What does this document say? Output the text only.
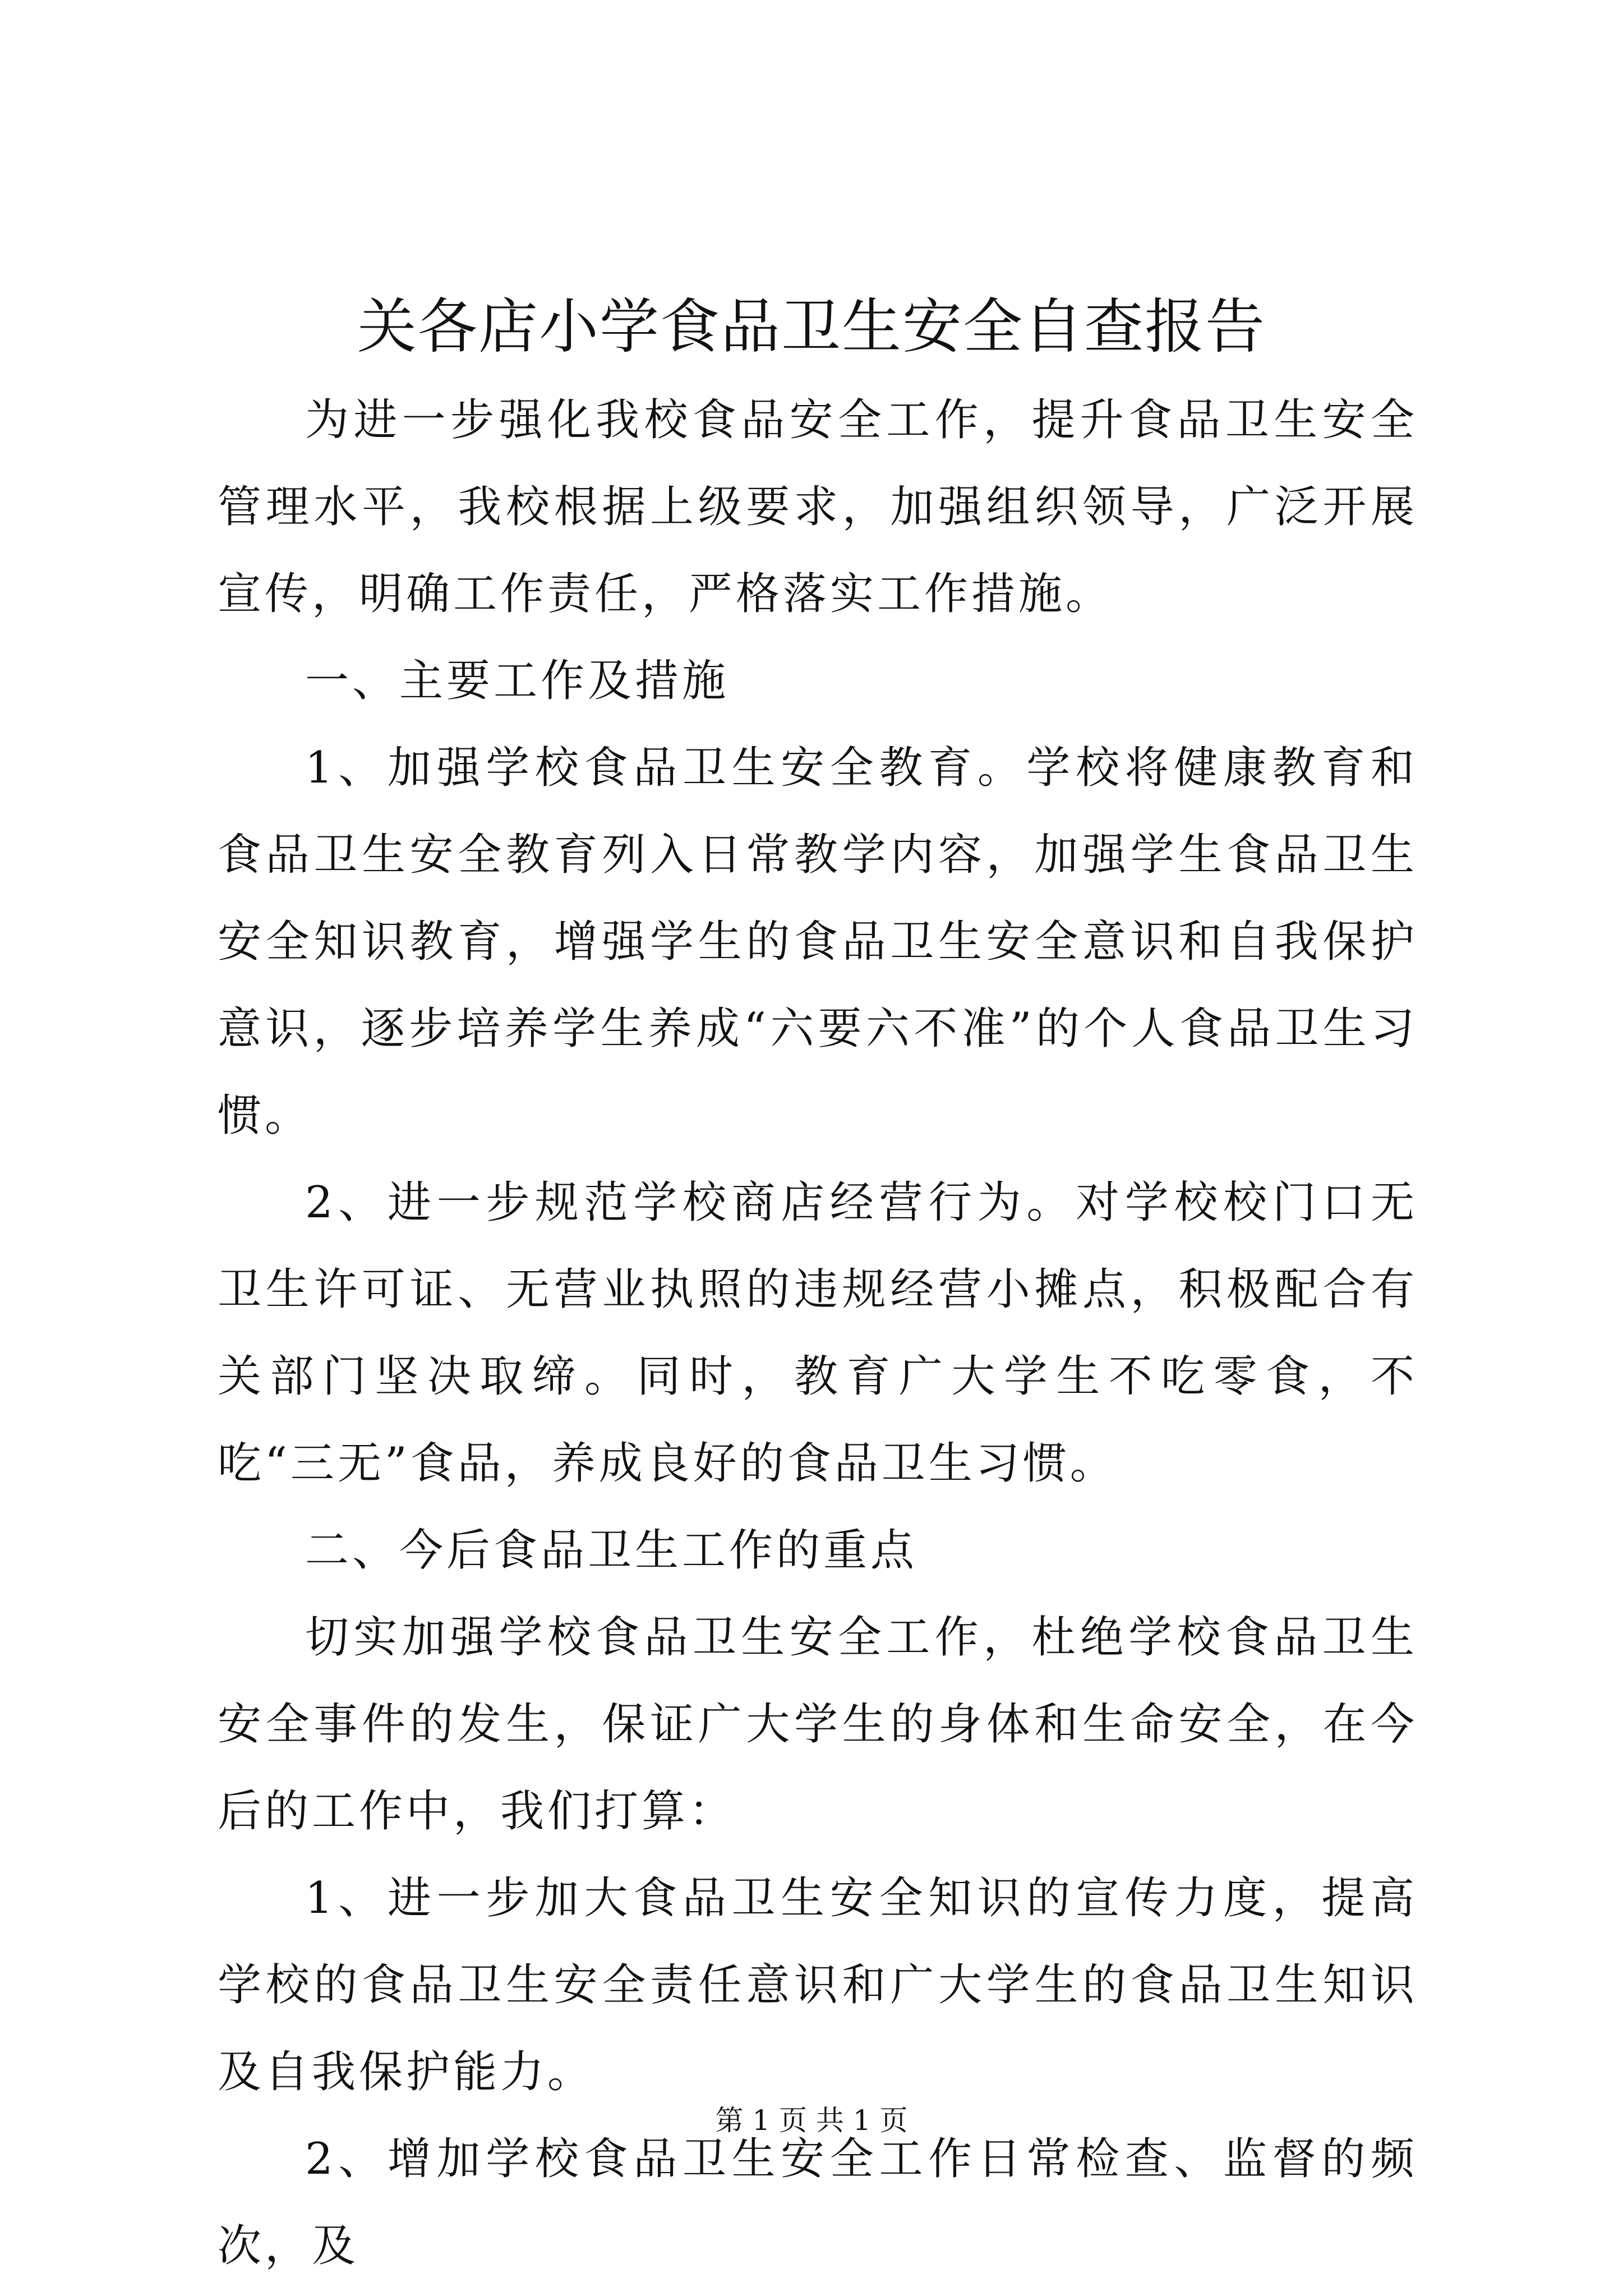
关各店小学食品卫生安全自查报告

为进一步强化我校食品安全工作，提升食品卫生安全管理水平，我校根据上级要求，加强组织领导，广泛开展宣传，明确工作责任，严格落实工作措施。

一、主要工作及措施

1、加强学校食品卫生安全教育。学校将健康教育和食品卫生安全教育列入日常教学内容，加强学生食品卫生安全知识教育，增强学生的食品卫生安全意识和自我保护意识，逐步培养学生养成“六要六不准”的个人食品卫生习惯。

2、进一步规范学校商店经营行为。对学校校门口无卫生许可证、无营业执照的违规经营小摊点，积极配合有关部门坚决取缔。同时，教育广大学生不吃零食，不吃“三无”食品，养成良好的食品卫生习惯。

二、今后食品卫生工作的重点

切实加强学校食品卫生安全工作，杜绝学校食品卫生安全事件的发生，保证广大学生的身体和生命安全，在今后的工作中，我们打算：

1、进一步加大食品卫生安全知识的宣传力度，提高学校的食品卫生安全责任意识和广大学生的食品卫生知识及自我保护能力。

2、增加学校食品卫生安全工作日常检查、监督的频次，及

第 1 页 共 1 页
